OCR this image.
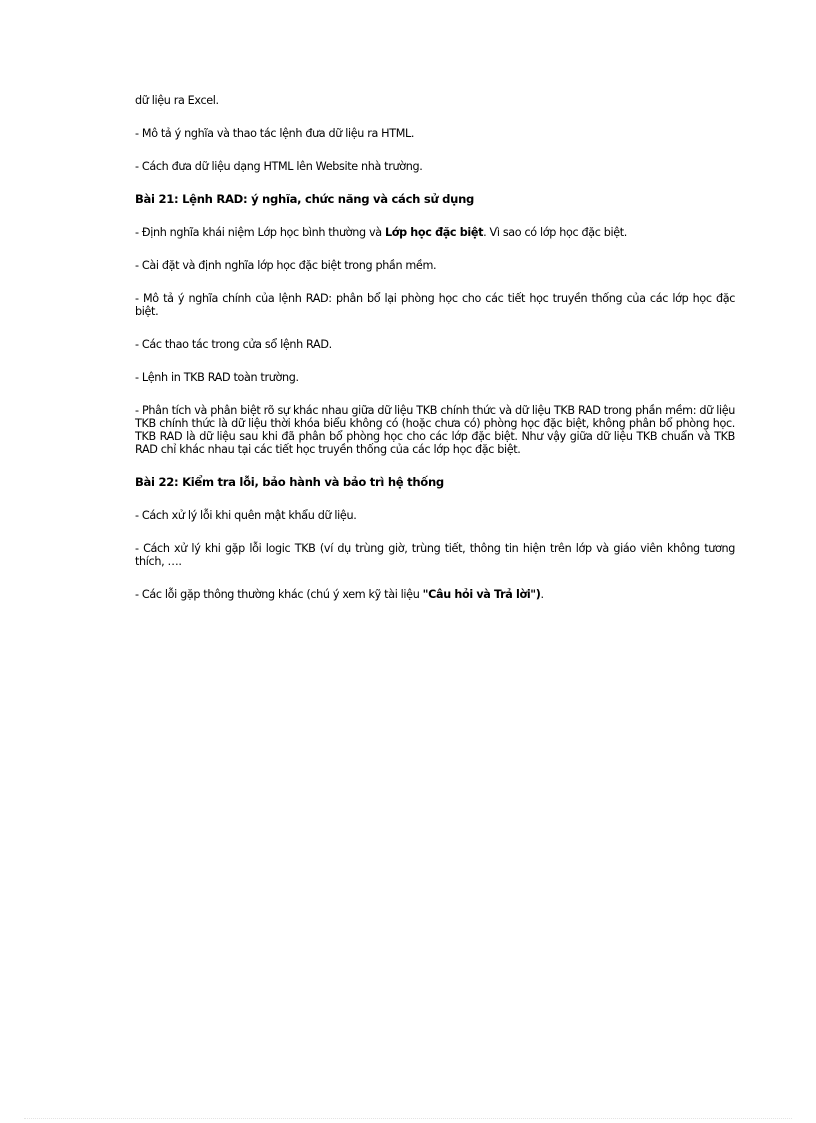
dữ liệu ra Excel.

- Mô tả ý nghĩa và thao tác lệnh đưa dữ liệu ra HTML.

- Cách đưa dữ liệu dạng HTML lên Website nhà trường.

Bài 21: Lệnh RAD: ý nghĩa, chức năng và cách sử dụng

- Định nghĩa khái niệm Lớp học bình thường và Lớp học đặc biệt. Vì sao có lớp học đặc biệt.

- Cài đặt và định nghĩa lớp học đặc biệt trong phần mềm.

- Mô tả ý nghĩa chính của lệnh RAD: phân bổ lại phòng học cho các tiết học truyền thống của các lớp học đặc biệt.

- Các thao tác trong cửa sổ lệnh RAD.

- Lệnh in TKB RAD toàn trường.

- Phân tích và phân biệt rõ sự khác nhau giữa dữ liệu TKB chính thức và dữ liệu TKB RAD trong phần mềm: dữ liệu TKB chính thức là dữ liệu thời khóa biểu không có (hoặc chưa có) phòng học đặc biệt, không phân bổ phòng học. TKB RAD là dữ liệu sau khi đã phân bổ phòng học cho các lớp đặc biệt. Như vậy giữa dữ liệu TKB chuẩn và TKB RAD chỉ khác nhau tại các tiết học truyền thống của các lớp học đặc biệt.

Bài 22: Kiểm tra lỗi, bảo hành và bảo trì hệ thống

- Cách xử lý lỗi khi quên mật khẩu dữ liệu.

- Cách xử lý khi gặp lỗi logic TKB (ví dụ trùng giờ, trùng tiết, thông tin hiện trên lớp và giáo viên không tương thích, ….

- Các lỗi gặp thông thường khác (chú ý xem kỹ tài liệu "Câu hỏi và Trả lời").
